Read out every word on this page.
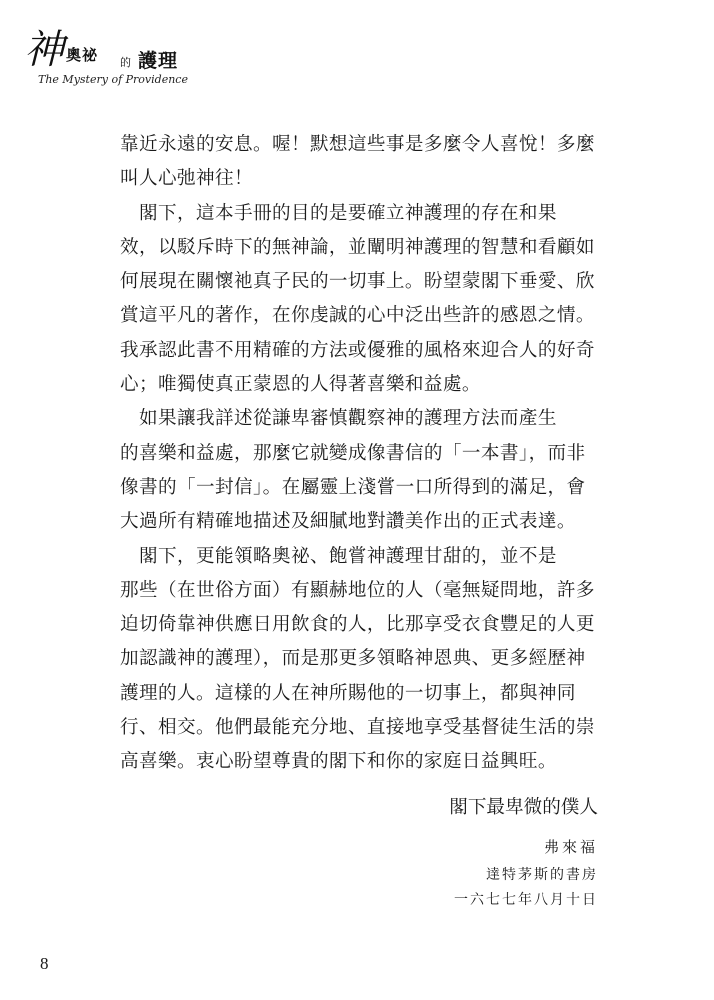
神 奧祕 的 護理
The Mystery of Providence
靠近永遠的安息。喔！默想這些事是多麼令人喜悅！多麼
叫人心弛神往！
　閣下，這本手冊的目的是要確立神護理的存在和果
效，以駁斥時下的無神論，並闡明神護理的智慧和看顧如
何展現在關懷祂真子民的一切事上。盼望蒙閣下垂愛、欣
賞這平凡的著作，在你虔誠的心中泛出些許的感恩之情。
我承認此書不用精確的方法或優雅的風格來迎合人的好奇
心；唯獨使真正蒙恩的人得著喜樂和益處。
　如果讓我詳述從謙卑審慎觀察神的護理方法而產生
的喜樂和益處，那麼它就變成像書信的「一本書」，而非
像書的「一封信」。在屬靈上淺嘗一口所得到的滿足，會
大過所有精確地描述及細膩地對讚美作出的正式表達。
　閣下，更能領略奧祕、飽嘗神護理甘甜的，並不是
那些（在世俗方面）有顯赫地位的人（毫無疑問地，許多
迫切倚靠神供應日用飲食的人，比那享受衣食豐足的人更
加認識神的護理），而是那更多領略神恩典、更多經歷神
護理的人。這樣的人在神所賜他的一切事上，都與神同
行、相交。他們最能充分地、直接地享受基督徒生活的崇
高喜樂。衷心盼望尊貴的閣下和你的家庭日益興旺。
閣下最卑微的僕人
弗來福
達特茅斯的書房
一六七七年八月十日
8
